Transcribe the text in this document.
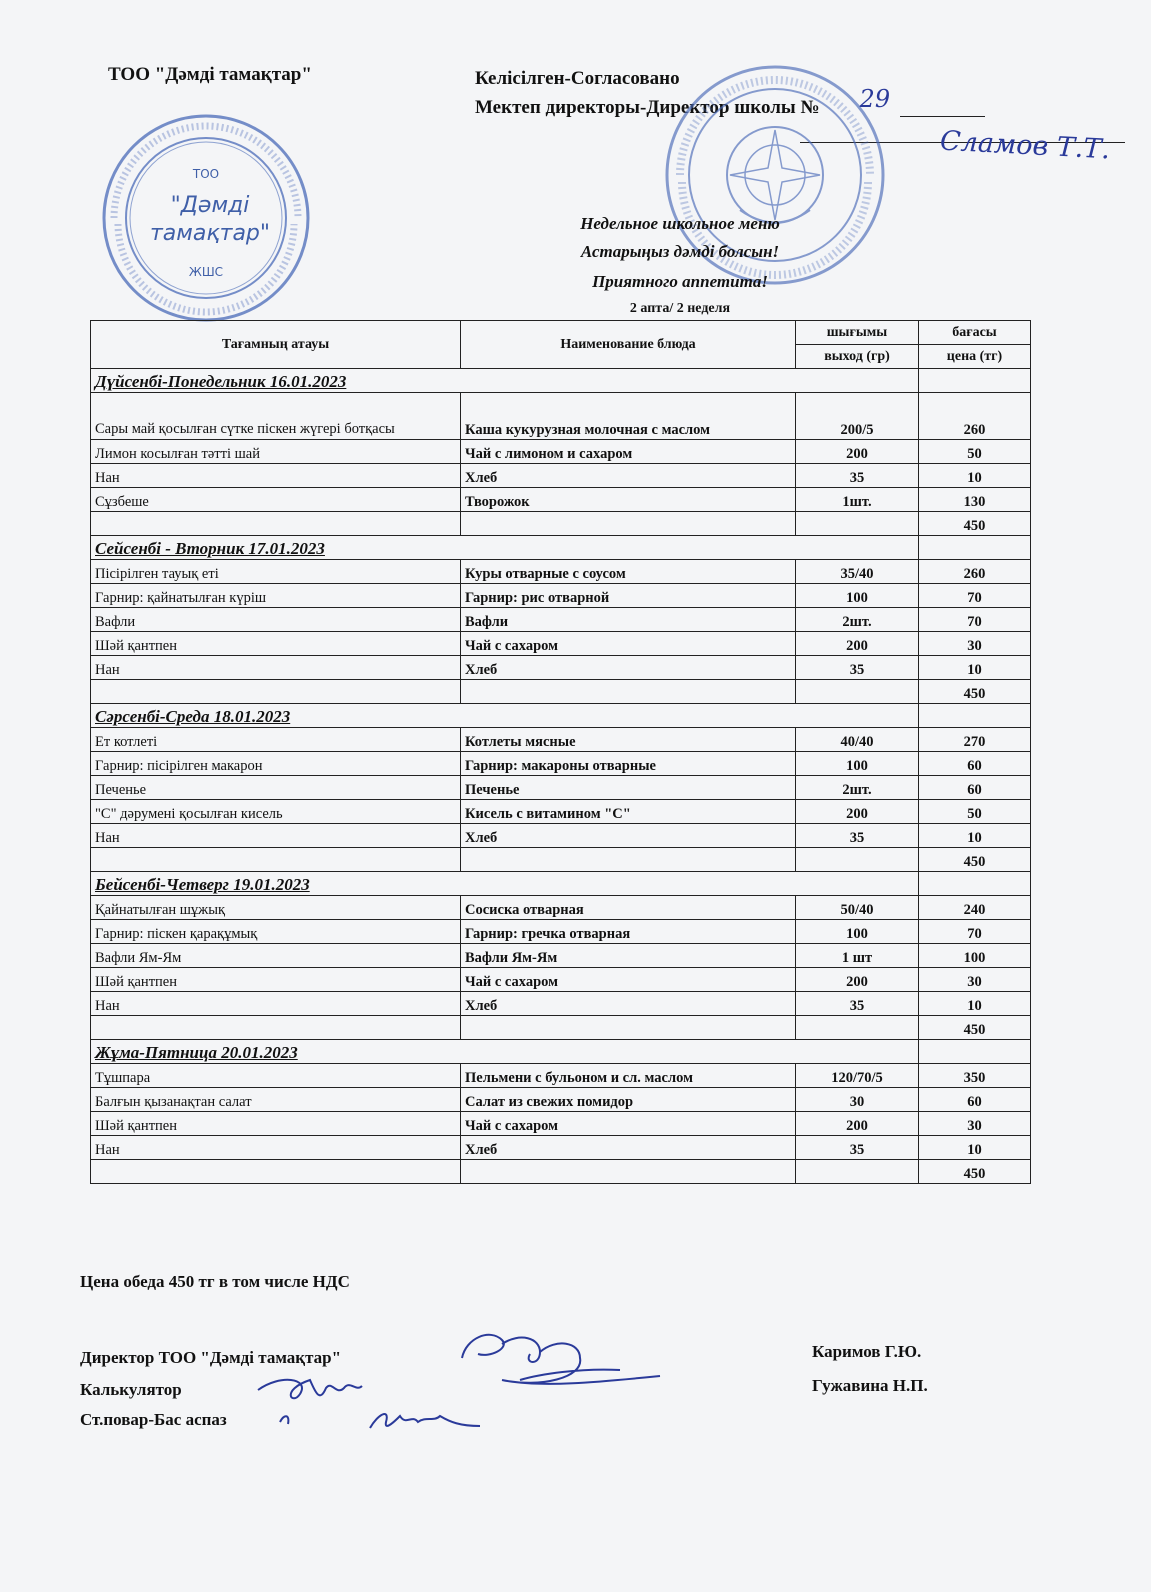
ТОО "Дәмді тамақтар"	Келісілген-Согласовано
Мектеп директоры-Директор школы № 29
Сламов Т.Т.
ТОО
"Дәмді
тамақтар"
ЖШС
Недельное школьное меню
Астарыңыз дәмді болсын!
Приятного аппетита!
2 апта/ 2 неделя
Тағамның атауы	Наименование блюда	шығымы	бағасы
		выход (гр)	цена (тг)
Дүйсенбі-Понедельник 16.01.2023			
Сары май қосылған сүтке піскен жүгері ботқасы	Каша кукурузная молочная с маслом	200/5	260
Лимон косылған тәтті шай	Чай с лимоном и сахаром	200	50
Нан	Хлеб	35	10
Сұзбеше	Творожок	1шт.	130
			450
Сейсенбі - Вторник 17.01.2023			
Пісірілген тауық еті	Куры отварные с соусом	35/40	260
Гарнир: қайнатылған күріш	Гарнир: рис отварной	100	70
Вафли	Вафли	2шт.	70
Шәй қантпен	Чай с сахаром	200	30
Нан	Хлеб	35	10
			450
Сәрсенбі-Среда 18.01.2023			
Ет котлеті	Котлеты мясные	40/40	270
Гарнир: пісірілген макарон	Гарнир: макароны отварные	100	60
Печенье	Печенье	2шт.	60
"С" дәрумені қосылған кисель	Кисель с витамином "С"	200	50
Нан	Хлеб	35	10
			450
Бейсенбі-Четверг 19.01.2023			
Қайнатылған шұжық	Сосиска отварная	50/40	240
Гарнир: піскен қарақұмық	Гарнир: гречка отварная	100	70
Вафли Ям-Ям	Вафли Ям-Ям	1 шт	100
Шәй қантпен	Чай с сахаром	200	30
Нан	Хлеб	35	10
			450
Жұма-Пятница 20.01.2023			
Тұшпара	Пельмени с бульоном и сл. маслом	120/70/5	350
Балғын қызанақтан салат	Салат из свежих помидор	30	60
Шәй қантпен	Чай с сахаром	200	30
Нан	Хлеб	35	10
			450
Цена обеда 450 тг в том числе НДС
Директор ТОО "Дәмді тамақтар"	Каримов Г.Ю.
Калькулятор	Гужавина Н.П.
Ст.повар-Бас аспаз
